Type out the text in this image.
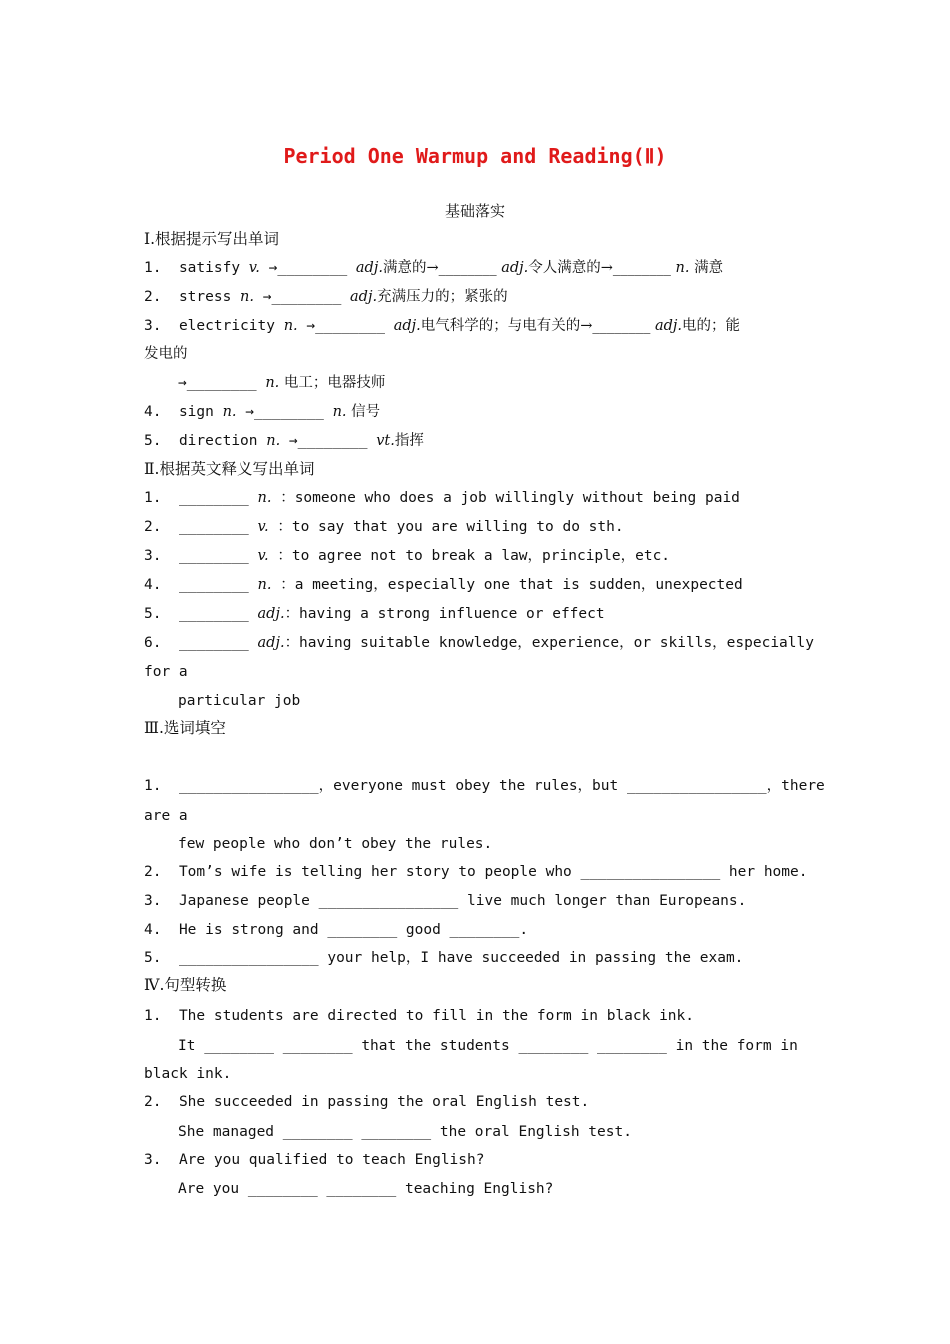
Period One Warmup and Reading(Ⅱ)
基础落实
Ⅰ.根据提示写出单词
1. satisfy v. →________ adj.满意的→________ adj.令人满意的→________ n. 满意
2. stress n. →________ adj.充满压力的；紧张的
3. electricity n. →________ adj.电气科学的；与电有关的→________ adj.电的；能
发电的
→________ n. 电工；电器技师
4. sign n. →________ n. 信号
5. direction n. →________ vt.指挥
Ⅱ.根据英文释义写出单词
1. ________ n. ：someone who does a job willingly without being paid
2. ________ v. ：to say that you are willing to do sth.
3. ________ v. ：to agree not to break a law，principle，etc.
4. ________ n. ：a meeting，especially one that is sudden，unexpected
5. ________ adj.：having a strong influence or effect
6. ________ adj.：having suitable knowledge，experience，or skills，especially
for a
particular job
Ⅲ.选词填空
1. ________________，everyone must obey the rules，but ________________，there
are a
few people who don’t obey the rules.
2. Tom’s wife is telling her story to people who ________________ her home.
3. Japanese people ________________ live much longer than Europeans.
4. He is strong and ________ good ________.
5. ________________ your help，I have succeeded in passing the exam.
Ⅳ.句型转换
1. The students are directed to fill in the form in black ink.
It ________ ________ that the students ________ ________ in the form in
black ink.
2. She succeeded in passing the oral English test.
She managed ________ ________ the oral English test.
3. Are you qualified to teach English?
Are you ________ ________ teaching English?
